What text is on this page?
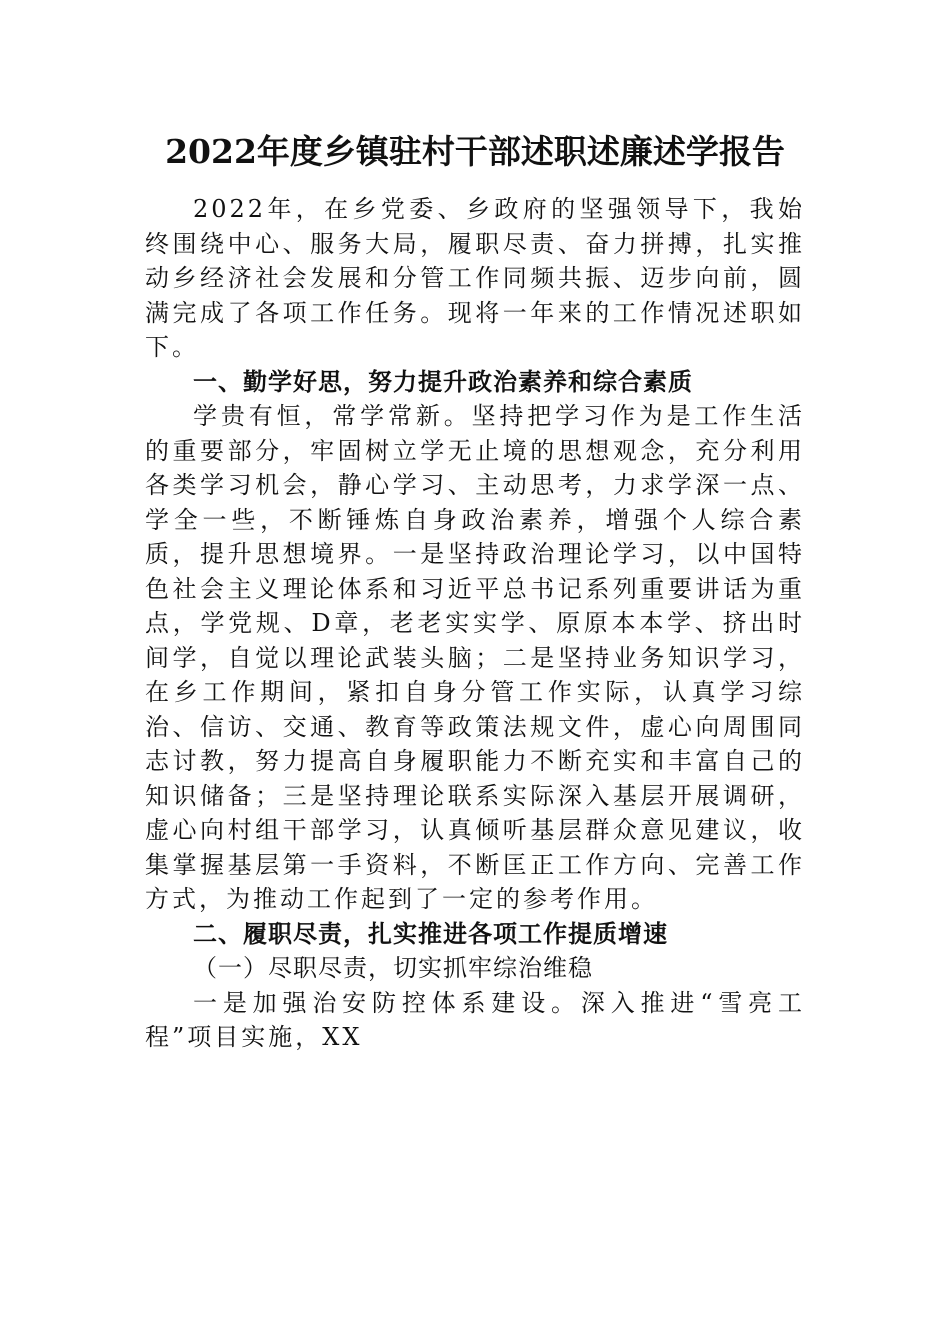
2022年度乡镇驻村干部述职述廉述学报告

2022年，在乡党委、乡政府的坚强领导下，我始终围绕中心、服务大局，履职尽责、奋力拼搏，扎实推动乡经济社会发展和分管工作同频共振、迈步向前，圆满完成了各项工作任务。现将一年来的工作情况述职如下。

一、勤学好思，努力提升政治素养和综合素质

学贵有恒，常学常新。坚持把学习作为是工作生活的重要部分，牢固树立学无止境的思想观念，充分利用各类学习机会，静心学习、主动思考，力求学深一点、学全一些，不断锤炼自身政治素养，增强个人综合素质，提升思想境界。一是坚持政治理论学习，以中国特色社会主义理论体系和习近平总书记系列重要讲话为重点，学党规、D章，老老实实学、原原本本学、挤出时间学，自觉以理论武装头脑；二是坚持业务知识学习，在乡工作期间，紧扣自身分管工作实际，认真学习综治、信访、交通、教育等政策法规文件，虚心向周围同志讨教，努力提高自身履职能力不断充实和丰富自己的知识储备；三是坚持理论联系实际深入基层开展调研，虚心向村组干部学习，认真倾听基层群众意见建议，收集掌握基层第一手资料，不断匡正工作方向、完善工作方式，为推动工作起到了一定的参考作用。

二、履职尽责，扎实推进各项工作提质增速

（一）尽职尽责，切实抓牢综治维稳

一是加强治安防控体系建设。深入推进“雪亮工程”项目实施，XX
